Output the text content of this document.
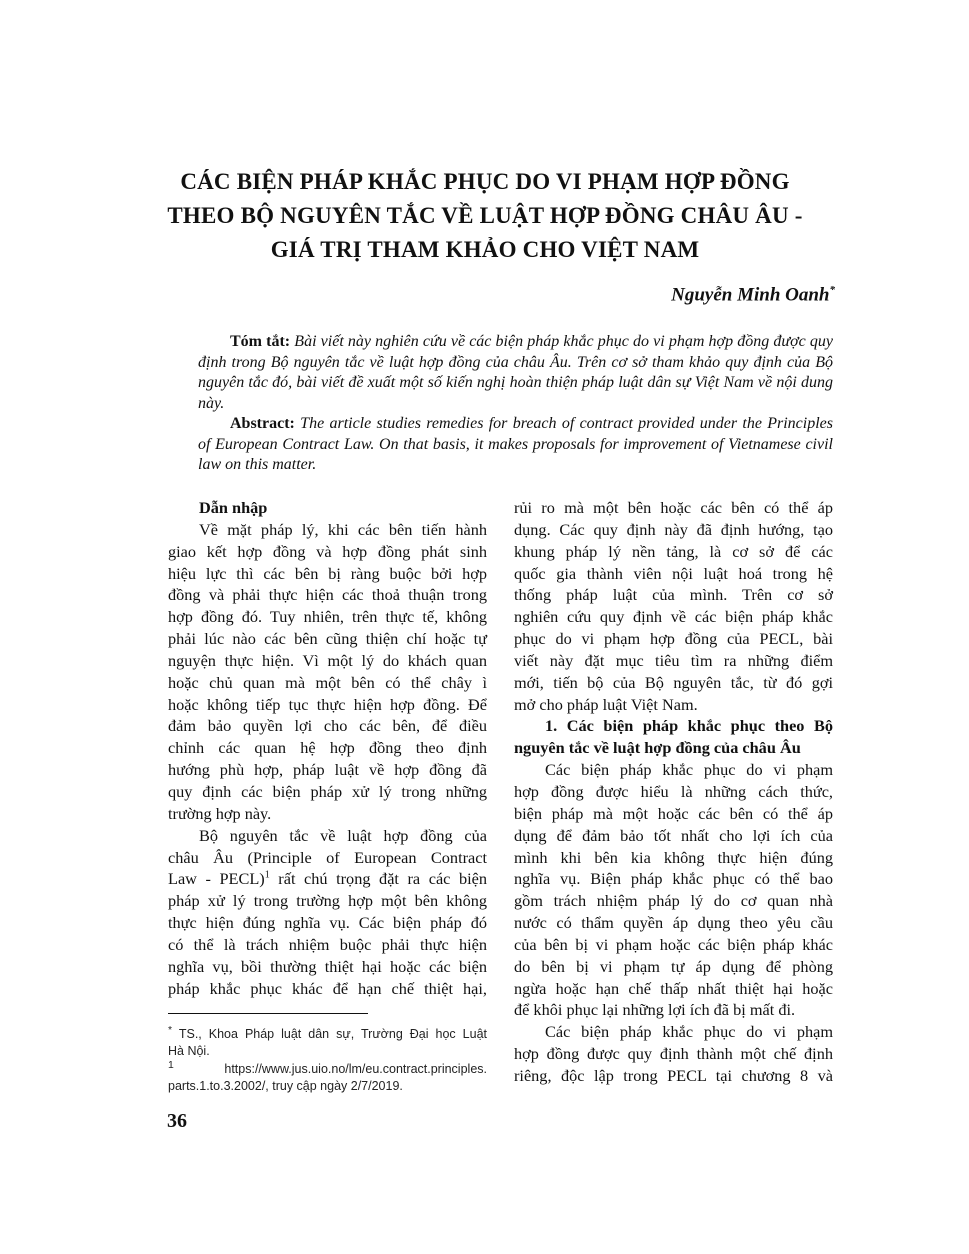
CÁC BIỆN PHÁP KHẮC PHỤC DO VI PHẠM HỢP ĐỒNG
THEO BỘ NGUYÊN TẮC VỀ LUẬT HỢP ĐỒNG CHÂU ÂU -
GIÁ TRỊ THAM KHẢO CHO VIỆT NAM
Nguyễn Minh Oanh*
Tóm tắt: Bài viết này nghiên cứu về các biện pháp khắc phục do vi phạm hợp đồng được quy định trong Bộ nguyên tắc về luật hợp đồng của châu Âu. Trên cơ sở tham khảo quy định của Bộ nguyên tắc đó, bài viết đề xuất một số kiến nghị hoàn thiện pháp luật dân sự Việt Nam về nội dung này.
Abstract: The article studies remedies for breach of contract provided under the Principles of European Contract Law. On that basis, it makes proposals for improvement of Vietnamese civil law on this matter.
Dẫn nhập
Về mặt pháp lý, khi các bên tiến hành
giao kết hợp đồng và hợp đồng phát sinh
hiệu lực thì các bên bị ràng buộc bởi hợp
đồng và phải thực hiện các thoả thuận trong
hợp đồng đó. Tuy nhiên, trên thực tế, không
phải lúc nào các bên cũng thiện chí hoặc tự
nguyện thực hiện. Vì một lý do khách quan
hoặc chủ quan mà một bên có thể chây ì
hoặc không tiếp tục thực hiện hợp đồng. Để
đảm bảo quyền lợi cho các bên, để điều
chỉnh các quan hệ hợp đồng theo định
hướng phù hợp, pháp luật về hợp đồng đã
quy định các biện pháp xử lý trong những
trường hợp này.
Bộ nguyên tắc về luật hợp đồng của
châu Âu (Principle of European Contract
Law - PECL)$^1$ rất chú trọng đặt ra các biện
pháp xử lý trong trường hợp một bên không
thực hiện đúng nghĩa vụ. Các biện pháp đó
có thể là trách nhiệm buộc phải thực hiện
nghĩa vụ, bồi thường thiệt hại hoặc các biện
pháp khắc phục khác để hạn chế thiệt hại,
rủi ro mà một bên hoặc các bên có thể áp
dụng. Các quy định này đã định hướng, tạo
khung pháp lý nền tảng, là cơ sở để các
quốc gia thành viên nội luật hoá trong hệ
thống pháp luật của mình. Trên cơ sở
nghiên cứu quy định về các biện pháp khắc
phục do vi phạm hợp đồng của PECL, bài
viết này đặt mục tiêu tìm ra những điểm
mới, tiến bộ của Bộ nguyên tắc, từ đó gợi
mở cho pháp luật Việt Nam.
1. Các biện pháp khắc phục theo Bộ
nguyên tắc về luật hợp đồng của châu Âu
Các biện pháp khắc phục do vi phạm
hợp đồng được hiểu là những cách thức,
biện pháp mà một hoặc các bên có thể áp
dụng để đảm bảo tốt nhất cho lợi ích của
mình khi bên kia không thực hiện đúng
nghĩa vụ. Biện pháp khắc phục có thể bao
gồm trách nhiệm pháp lý do cơ quan nhà
nước có thẩm quyền áp dụng theo yêu cầu
của bên bị vi phạm hoặc các biện pháp khác
do bên bị vi phạm tự áp dụng để phòng
ngừa hoặc hạn chế thấp nhất thiệt hại hoặc
để khôi phục lại những lợi ích đã bị mất đi.
Các biện pháp khắc phục do vi phạm
hợp đồng được quy định thành một chế định
riêng, độc lập trong PECL tại chương 8 và
* TS., Khoa Pháp luật dân sự, Trường Đại học Luật
Hà Nội.
$^1$	https://www.jus.uio.no/lm/eu.contract.principles.
parts.1.to.3.2002/, truy cập ngày 2/7/2019.
36
